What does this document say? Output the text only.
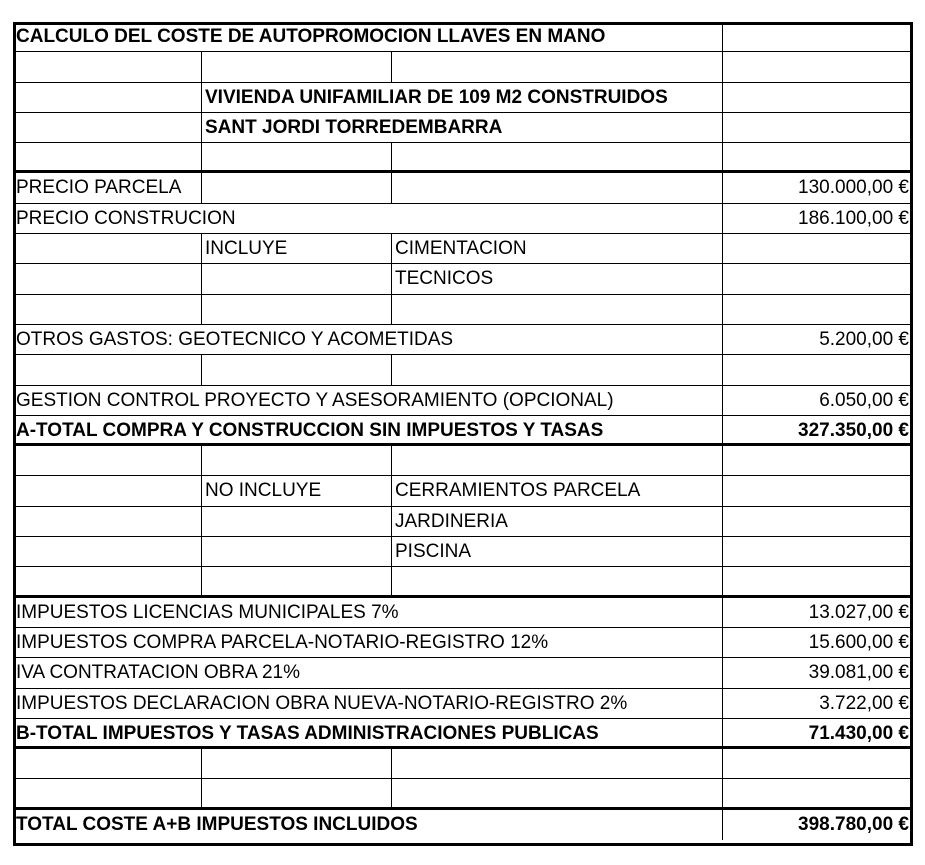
CALCULO DEL COSTE DE AUTOPROMOCION LLAVES EN MANO
VIVIENDA UNIFAMILIAR DE 109 M2 CONSTRUIDOS
SANT JORDI TORREDEMBARRA
PRECIO PARCELA	130.000,00 €
PRECIO CONSTRUCION	186.100,00 €
INCLUYE	CIMENTACION
TECNICOS
OTROS GASTOS: GEOTECNICO Y ACOMETIDAS	5.200,00 €
GESTION CONTROL PROYECTO Y ASESORAMIENTO (OPCIONAL)	6.050,00 €
A-TOTAL COMPRA Y CONSTRUCCION SIN IMPUESTOS Y TASAS	327.350,00 €
NO INCLUYE	CERRAMIENTOS PARCELA
JARDINERIA
PISCINA
IMPUESTOS LICENCIAS MUNICIPALES 7%	13.027,00 €
IMPUESTOS COMPRA PARCELA-NOTARIO-REGISTRO 12%	15.600,00 €
IVA CONTRATACION OBRA 21%	39.081,00 €
IMPUESTOS DECLARACION OBRA NUEVA-NOTARIO-REGISTRO 2%	3.722,00 €
B-TOTAL IMPUESTOS Y TASAS ADMINISTRACIONES PUBLICAS	71.430,00 €
TOTAL COSTE A+B IMPUESTOS INCLUIDOS	398.780,00 €
